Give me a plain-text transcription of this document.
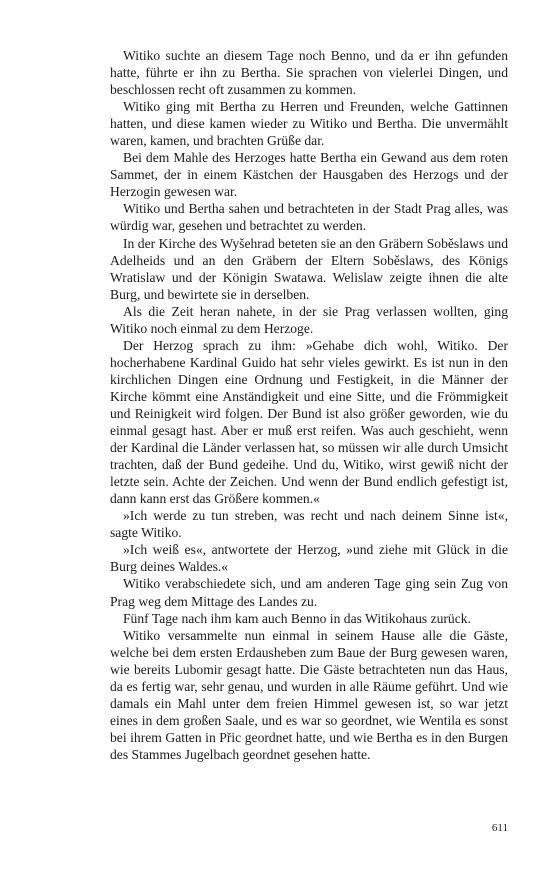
Witiko suchte an diesem Tage noch Benno, und da er ihn gefunden hatte, führte er ihn zu Bertha. Sie sprachen von vielerlei Dingen, und beschlossen recht oft zusammen zu kommen.

Witiko ging mit Bertha zu Herren und Freunden, welche Gattinnen hatten, und diese kamen wieder zu Witiko und Bertha. Die unvermählt waren, kamen, und brachten Grüße dar.

Bei dem Mahle des Herzoges hatte Bertha ein Gewand aus dem roten Sammet, der in einem Kästchen der Hausgaben des Herzogs und der Herzogin gewesen war.

Witiko und Bertha sahen und betrachteten in der Stadt Prag alles, was würdig war, gesehen und betrachtet zu werden.

In der Kirche des Wyšehrad beteten sie an den Gräbern Soběslaws und Adelheids und an den Gräbern der Eltern Soběslaws, des Königs Wratislaw und der Königin Swatawa. Welislaw zeigte ihnen die alte Burg, und bewirtete sie in derselben.

Als die Zeit heran nahete, in der sie Prag verlassen wollten, ging Witiko noch einmal zu dem Herzoge.

Der Herzog sprach zu ihm: »Gehabe dich wohl, Witiko. Der hocherhabene Kardinal Guido hat sehr vieles gewirkt. Es ist nun in den kirchlichen Dingen eine Ordnung und Festigkeit, in die Männer der Kirche kömmt eine Anständigkeit und eine Sitte, und die Frömmigkeit und Reinigkeit wird folgen. Der Bund ist also größer geworden, wie du einmal gesagt hast. Aber er muß erst reifen. Was auch geschieht, wenn der Kardinal die Länder verlassen hat, so müssen wir alle durch Umsicht trachten, daß der Bund gedeihe. Und du, Witiko, wirst gewiß nicht der letzte sein. Achte der Zeichen. Und wenn der Bund endlich gefestigt ist, dann kann erst das Größere kommen.«

»Ich werde zu tun streben, was recht und nach deinem Sinne ist«, sagte Witiko.

»Ich weiß es«, antwortete der Herzog, »und ziehe mit Glück in die Burg deines Waldes.«

Witiko verabschiedete sich, und am anderen Tage ging sein Zug von Prag weg dem Mittage des Landes zu.

Fünf Tage nach ihm kam auch Benno in das Witikohaus zurück.

Witiko versammelte nun einmal in seinem Hause alle die Gäste, welche bei dem ersten Erdausheben zum Baue der Burg gewesen waren, wie bereits Lubomir gesagt hatte. Die Gäste betrachteten nun das Haus, da es fertig war, sehr genau, und wurden in alle Räume geführt. Und wie damals ein Mahl unter dem freien Himmel gewesen ist, so war jetzt eines in dem großen Saale, und es war so geordnet, wie Wentila es sonst bei ihrem Gatten in Přic geordnet hatte, und wie Bertha es in den Burgen des Stammes Jugelbach geordnet gesehen hatte.

611
